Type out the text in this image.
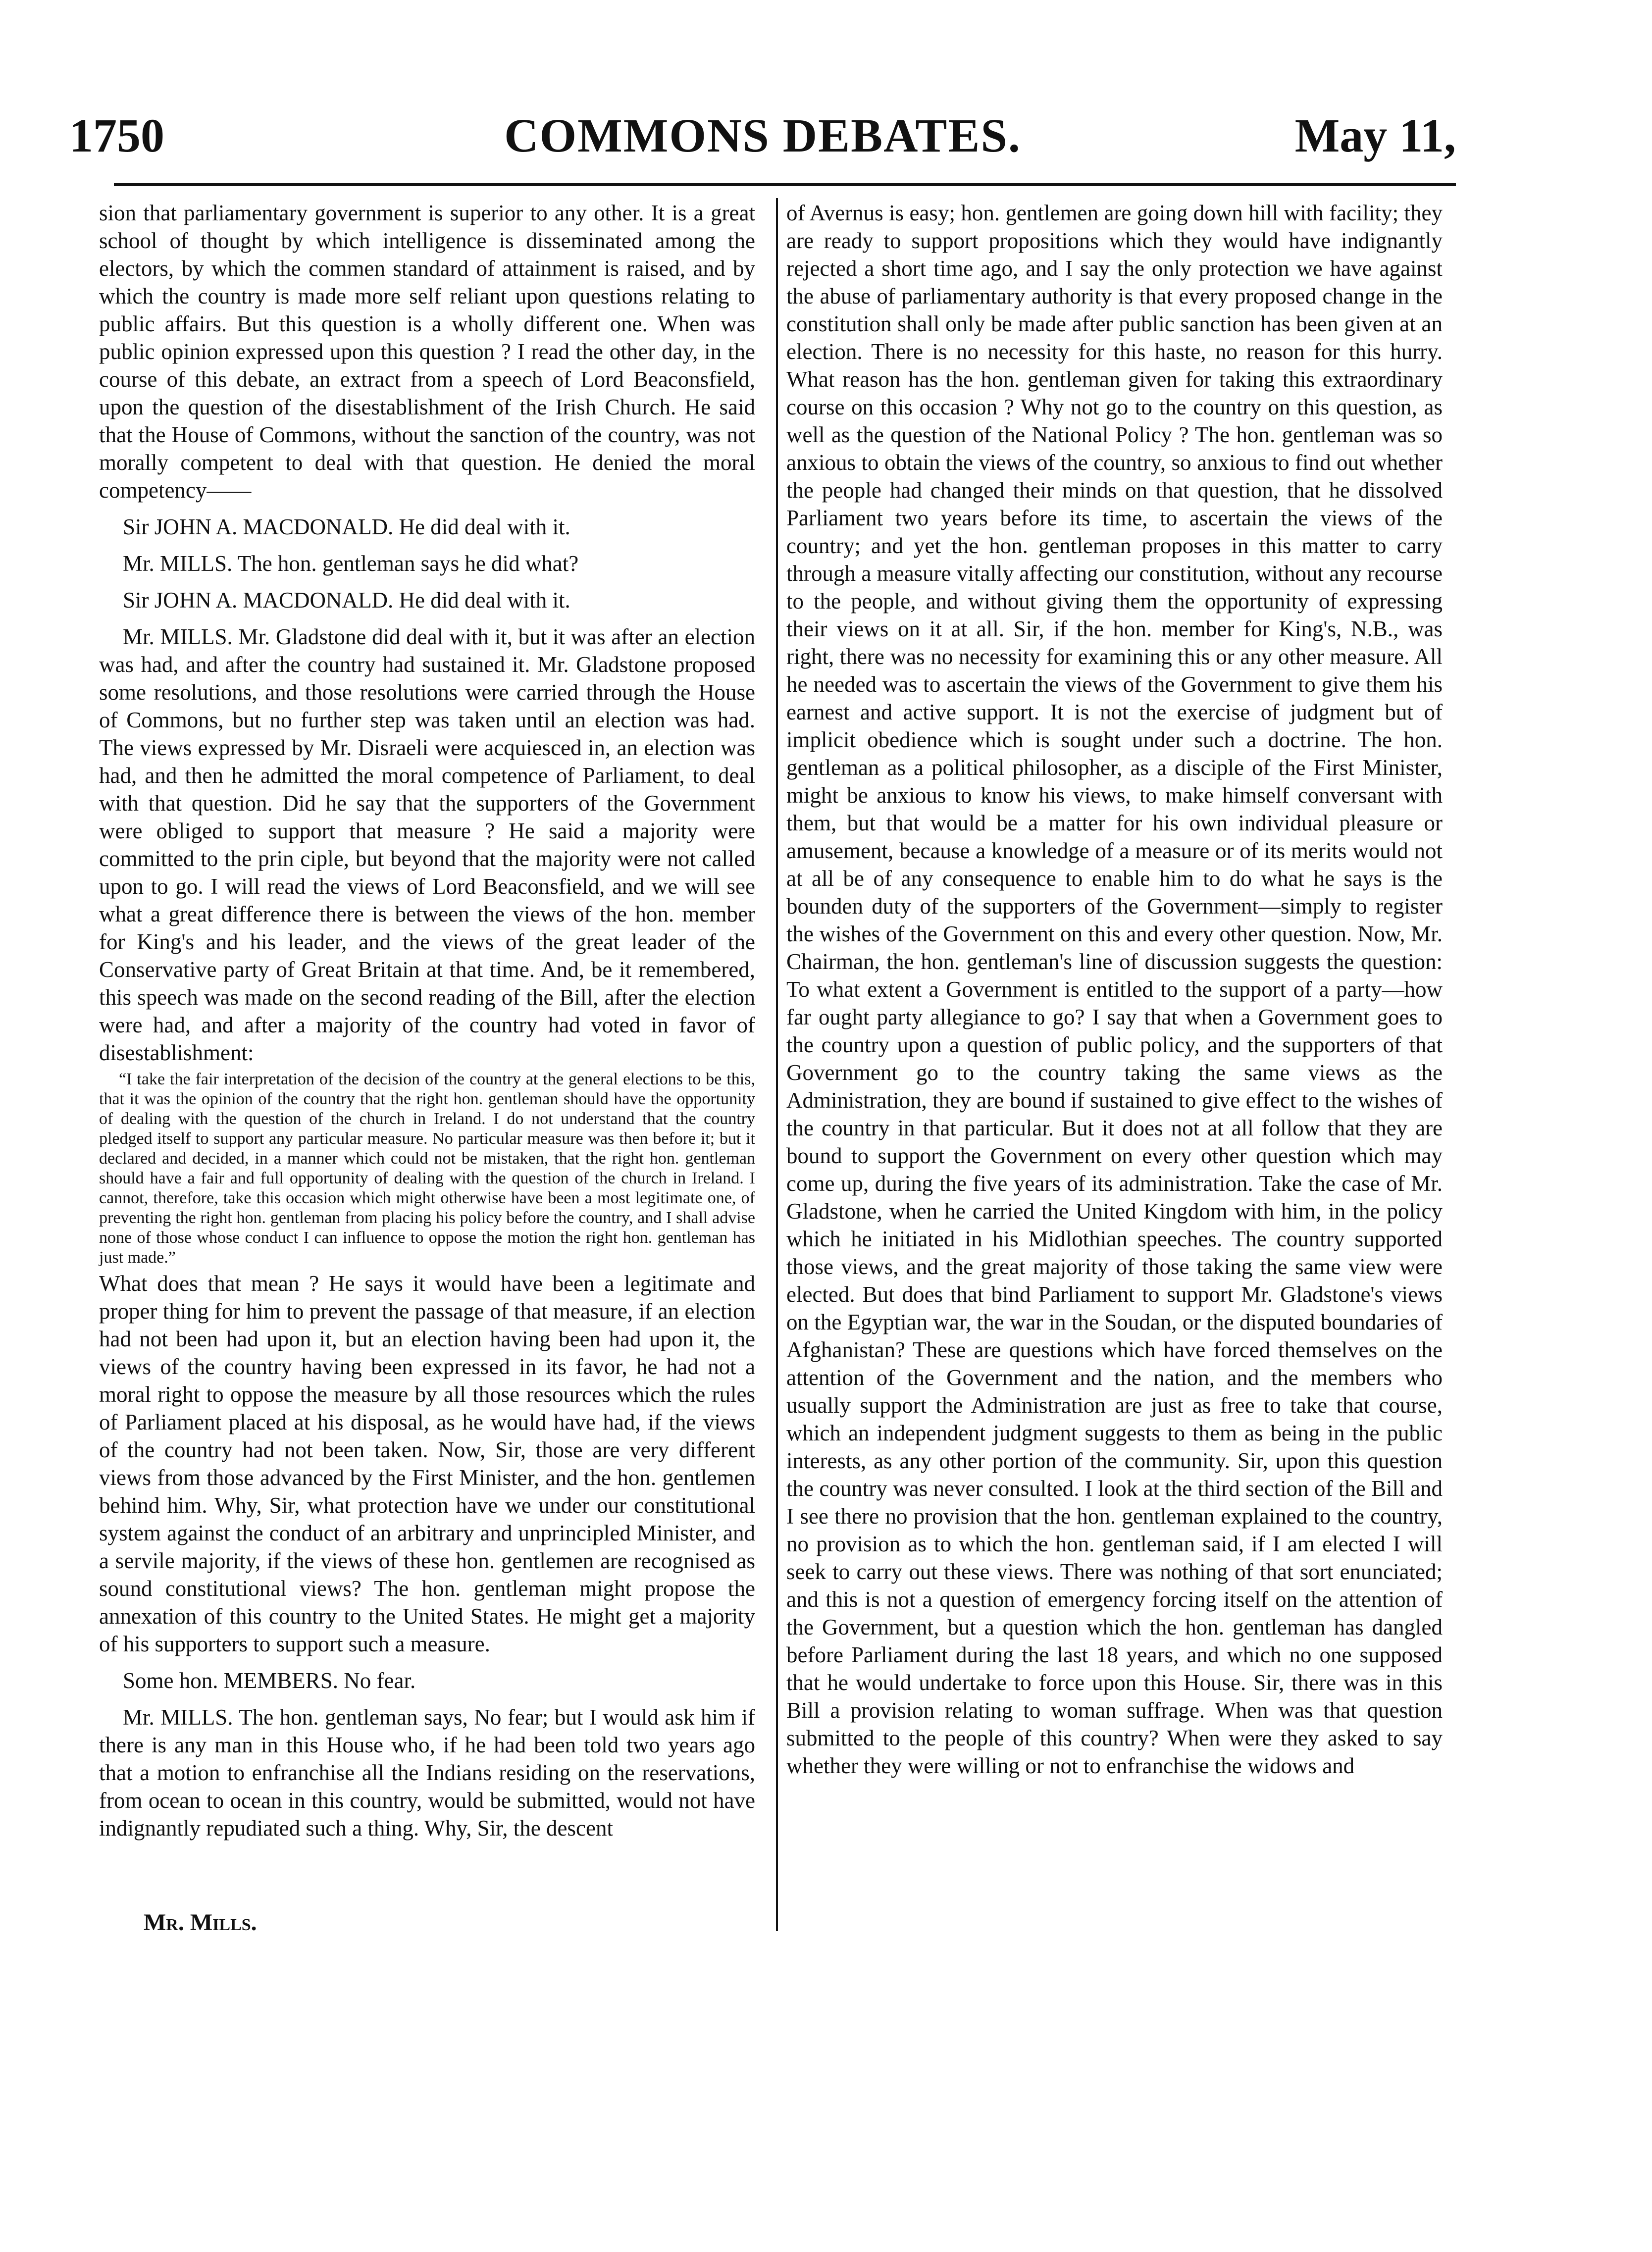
1750	COMMONS DEBATES.	May 11,

sion that parliamentary government is superior to any other. It is a great school of thought by which intelligence is disseminated among the electors, by which the commen standard of attainment is raised, and by which the country is made more self reliant upon questions relating to public affairs. But this question is a wholly different one. When was public opinion expressed upon this question ? I read the other day, in the course of this debate, an extract from a speech of Lord Beaconsfield, upon the question of the disestablishment of the Irish Church. He said that the House of Commons, without the sanction of the country, was not morally competent to deal with that question. He denied the moral competency——

Sir JOHN A. MACDONALD. He did deal with it.

Mr. MILLS. The hon. gentleman says he did what?

Sir JOHN A. MACDONALD. He did deal with it.

Mr. MILLS. Mr. Gladstone did deal with it, but it was after an election was had, and after the country had sustained it. Mr. Gladstone proposed some resolutions, and those resolutions were carried through the House of Commons, but no further step was taken until an election was had. The views expressed by Mr. Disraeli were acquiesced in, an election was had, and then he admitted the moral competence of Parliament, to deal with that question. Did he say that the supporters of the Government were obliged to support that measure ? He said a majority were committed to the prin ciple, but beyond that the majority were not called upon to go. I will read the views of Lord Beaconsfield, and we will see what a great difference there is between the views of the hon. member for King's and his leader, and the views of the great leader of the Conservative party of Great Britain at that time. And, be it remembered, this speech was made on the second reading of the Bill, after the election were had, and after a majority of the country had voted in favor of disestablishment:

“I take the fair interpretation of the decision of the country at the general elections to be this, that it was the opinion of the country that the right hon. gentleman should have the opportunity of dealing with the question of the church in Ireland. I do not understand that the country pledged itself to support any particular measure. No particular measure was then before it; but it declared and decided, in a manner which could not be mistaken, that the right hon. gentleman should have a fair and full opportunity of dealing with the question of the church in Ireland. I cannot, therefore, take this occasion which might otherwise have been a most legitimate one, of preventing the right hon. gentleman from placing his policy before the country, and I shall advise none of those whose conduct I can influence to oppose the motion the right hon. gentleman has just made.”

What does that mean ? He says it would have been a legitimate and proper thing for him to prevent the passage of that measure, if an election had not been had upon it, but an election having been had upon it, the views of the country having been expressed in its favor, he had not a moral right to oppose the measure by all those resources which the rules of Parliament placed at his disposal, as he would have had, if the views of the country had not been taken. Now, Sir, those are very different views from those advanced by the First Minister, and the hon. gentlemen behind him. Why, Sir, what protection have we under our constitutional system against the conduct of an arbitrary and unprincipled Minister, and a servile majority, if the views of these hon. gentlemen are recognised as sound constitutional views? The hon. gentleman might propose the annexation of this country to the United States. He might get a majority of his supporters to support such a measure.

Some hon. MEMBERS. No fear.

Mr. MILLS. The hon. gentleman says, No fear; but I would ask him if there is any man in this House who, if he had been told two years ago that a motion to enfranchise all the Indians residing on the reservations, from ocean to ocean in this country, would be submitted, would not have indignantly repudiated such a thing. Why, Sir, the descent

of Avernus is easy; hon. gentlemen are going down hill with facility; they are ready to support propositions which they would have indignantly rejected a short time ago, and I say the only protection we have against the abuse of parliamentary authority is that every proposed change in the constitution shall only be made after public sanction has been given at an election. There is no necessity for this haste, no reason for this hurry. What reason has the hon. gentleman given for taking this extraordinary course on this occasion ? Why not go to the country on this question, as well as the question of the National Policy ? The hon. gentleman was so anxious to obtain the views of the country, so anxious to find out whether the people had changed their minds on that question, that he dissolved Parliament two years before its time, to ascertain the views of the country; and yet the hon. gentleman proposes in this matter to carry through a measure vitally affecting our constitution, without any recourse to the people, and without giving them the opportunity of expressing their views on it at all. Sir, if the hon. member for King's, N.B., was right, there was no necessity for examining this or any other measure. All he needed was to ascertain the views of the Government to give them his earnest and active support. It is not the exercise of judgment but of implicit obedience which is sought under such a doctrine. The hon. gentleman as a political philosopher, as a disciple of the First Minister, might be anxious to know his views, to make himself conversant with them, but that would be a matter for his own individual pleasure or amusement, because a knowledge of a measure or of its merits would not at all be of any consequence to enable him to do what he says is the bounden duty of the supporters of the Government—simply to register the wishes of the Government on this and every other question. Now, Mr. Chairman, the hon. gentleman's line of discussion suggests the question: To what extent a Government is entitled to the support of a party—how far ought party allegiance to go? I say that when a Government goes to the country upon a question of public policy, and the supporters of that Government go to the country taking the same views as the Administration, they are bound if sustained to give effect to the wishes of the country in that particular. But it does not at all follow that they are bound to support the Government on every other question which may come up, during the five years of its administration. Take the case of Mr. Gladstone, when he carried the United Kingdom with him, in the policy which he initiated in his Midlothian speeches. The country supported those views, and the great majority of those taking the same view were elected. But does that bind Parliament to support Mr. Gladstone's views on the Egyptian war, the war in the Soudan, or the disputed boundaries of Afghanistan? These are questions which have forced themselves on the attention of the Government and the nation, and the members who usually support the Administration are just as free to take that course, which an independent judgment suggests to them as being in the public interests, as any other portion of the community. Sir, upon this question the country was never consulted. I look at the third section of the Bill and I see there no provision that the hon. gentleman explained to the country, no provision as to which the hon. gentleman said, if I am elected I will seek to carry out these views. There was nothing of that sort enunciated; and this is not a question of emergency forcing itself on the attention of the Government, but a question which the hon. gentleman has dangled before Parliament during the last 18 years, and which no one supposed that he would undertake to force upon this House. Sir, there was in this Bill a provision relating to woman suffrage. When was that question submitted to the people of this country? When were they asked to say whether they were willing or not to enfranchise the widows and

Mr. Mills.
